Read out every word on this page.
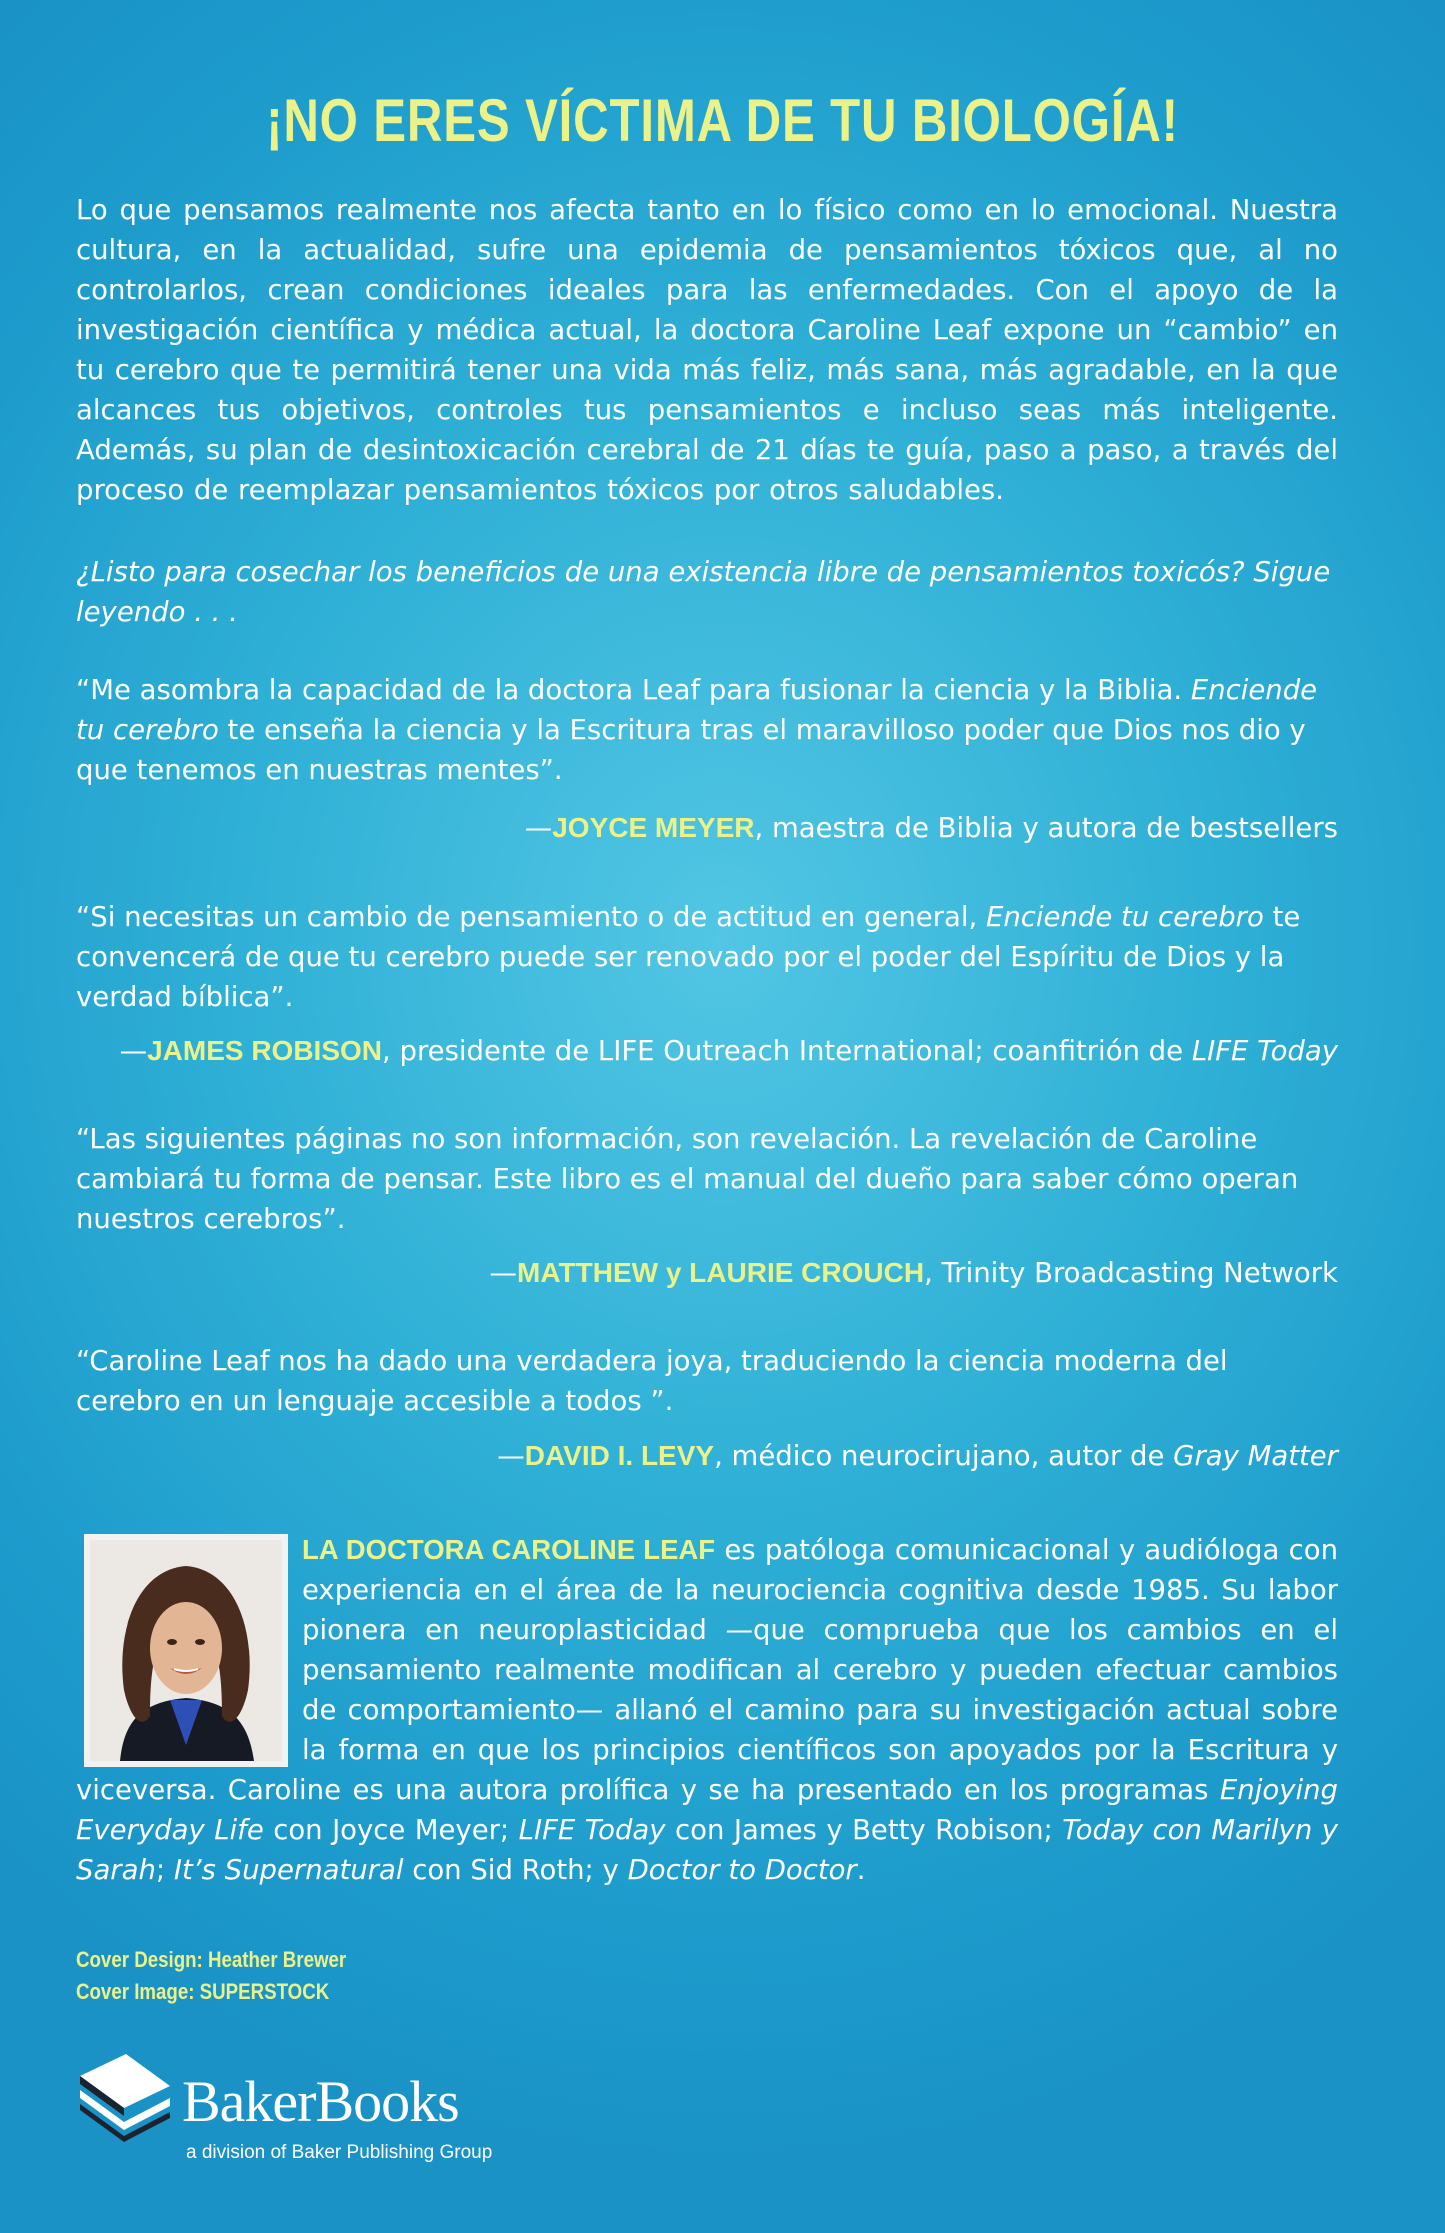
¡NO ERES VÍCTIMA DE TU BIOLOGÍA!

Lo que pensamos realmente nos afecta tanto en lo físico como en lo emocional. Nuestra cultura, en la actualidad, sufre una epidemia de pensamientos tóxicos que, al no controlarlos, crean condiciones ideales para las enfermedades. Con el apoyo de la investigación científica y médica actual, la doctora Caroline Leaf expone un “cambio” en tu cerebro que te permitirá tener una vida más feliz, más sana, más agradable, en la que alcances tus objetivos, controles tus pensamientos e incluso seas más inteligente. Además, su plan de desintoxicación cerebral de 21 días te guía, paso a paso, a través del proceso de reemplazar pensamientos tóxicos por otros saludables.

¿Listo para cosechar los beneficios de una existencia libre de pensamientos toxicós? Sigue leyendo . . .

“Me asombra la capacidad de la doctora Leaf para fusionar la ciencia y la Biblia. Enciende tu cerebro te enseña la ciencia y la Escritura tras el maravilloso poder que Dios nos dio y que tenemos en nuestras mentes”.

—JOYCE MEYER, maestra de Biblia y autora de bestsellers

“Si necesitas un cambio de pensamiento o de actitud en general, Enciende tu cerebro te convencerá de que tu cerebro puede ser renovado por el poder del Espíritu de Dios y la verdad bíblica”.

—JAMES ROBISON, presidente de LIFE Outreach International; coanfitrión de LIFE Today

“Las siguientes páginas no son información, son revelación. La revelación de Caroline cambiará tu forma de pensar. Este libro es el manual del dueño para saber cómo operan nuestros cerebros”.

—MATTHEW y LAURIE CROUCH, Trinity Broadcasting Network

“Caroline Leaf nos ha dado una verdadera joya, traduciendo la ciencia moderna del cerebro en un lenguaje accesible a todos ”.

—DAVID I. LEVY, médico neurocirujano, autor de Gray Matter

LA DOCTORA CAROLINE LEAF es patóloga comunicacional y audióloga con experiencia en el área de la neurociencia cognitiva desde 1985. Su labor pionera en neuroplasticidad —que comprueba que los cambios en el pensamiento realmente modifican al cerebro y pueden efectuar cambios de comportamiento— allanó el camino para su investigación actual sobre la forma en que los principios científicos son apoyados por la Escritura y viceversa. Caroline es una autora prolífica y se ha presentado en los programas Enjoying Everyday Life con Joyce Meyer; LIFE Today con James y Betty Robison; Today con Marilyn y Sarah; It’s Supernatural con Sid Roth; y Doctor to Doctor.

Cover Design: Heather Brewer
Cover Image: SUPERSTOCK
BakerBooks
a division of Baker Publishing Group
